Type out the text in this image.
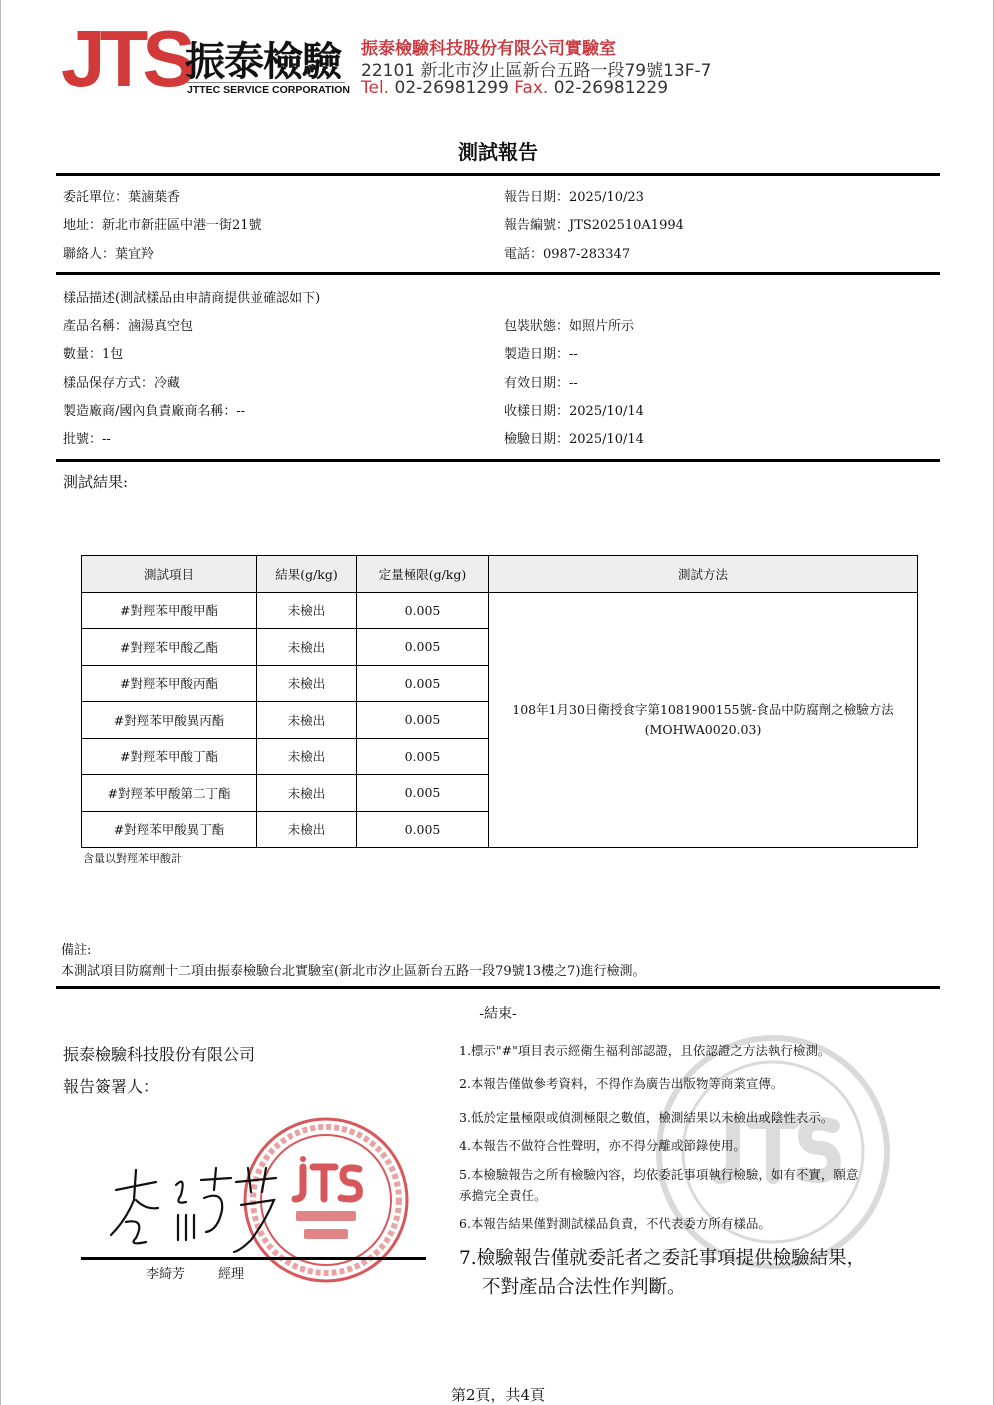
JTS
振泰檢驗
JTTEC SERVICE CORPORATION
振泰檢驗科技股份有限公司實驗室
22101 新北市汐止區新台五路一段79號13F-7
Tel. 02-26981299 Fax. 02-26981229
測試報告
委託單位：葉滷葉香
地址：新北市新莊區中港一街21號
聯絡人：葉宜羚
報告日期：2025/10/23
報告編號：JTS202510A1994
電話：0987-283347
樣品描述(測試樣品由申請商提供並確認如下)
產品名稱：滷湯真空包
數量：1包
樣品保存方式：冷藏
製造廠商/國內負責廠商名稱：--
批號：--
包裝狀態：如照片所示
製造日期：--
有效日期：--
收樣日期：2025/10/14
檢驗日期：2025/10/14
測試結果:
測試項目	結果(g/kg)	定量極限(g/kg)	測試方法
#對羥苯甲酸甲酯	未檢出	0.005	108年1月30日衛授食字第1081900155號-食品中防腐劑之檢驗方法(MOHWA0020.03)
#對羥苯甲酸乙酯	未檢出	0.005	
#對羥苯甲酸丙酯	未檢出	0.005	
#對羥苯甲酸異丙酯	未檢出	0.005	
#對羥苯甲酸丁酯	未檢出	0.005	
#對羥苯甲酸第二丁酯	未檢出	0.005	
#對羥苯甲酸異丁酯	未檢出	0.005	
含量以對羥苯甲酸計
備註:
本測試項目防腐劑十二項由振泰檢驗台北實驗室(新北市汐止區新台五路一段79號13樓之7)進行檢測。
-結束-
振泰檢驗科技股份有限公司
報告簽署人：
李綺芳	經理
1.標示"#"項目表示經衛生福利部認證，且依認證之方法執行檢測。
2.本報告僅做參考資料，不得作為廣告出版物等商業宣傳。
3.低於定量極限或偵測極限之數值，檢測結果以未檢出或陰性表示。
4.本報告不做符合性聲明，亦不得分離或節錄使用。
5.本檢驗報告之所有檢驗內容，均依委託事項執行檢驗，如有不實，願意
承擔完全責任。
6.本報告結果僅對測試樣品負責，不代表委方所有樣品。
7.檢驗報告僅就委託者之委託事項提供檢驗結果，
不對產品合法性作判斷。
第2頁，共4頁
